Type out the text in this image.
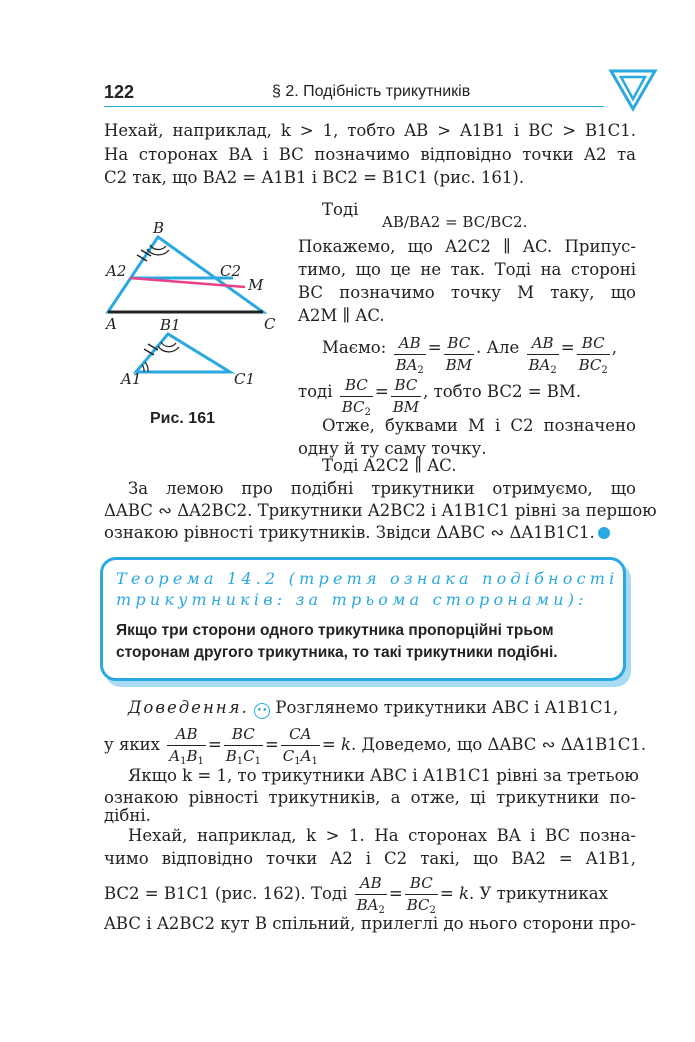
122	§ 2. Подібність трикутників
Нехай, наприклад, k > 1, тобто AB > A1B1 і BC > B1C1.
На сторонах BA і BC позначимо відповідно точки A2 та
C2 так, що BA2 = A1B1 і BC2 = B1C1 (рис. 161).
B
A2	C2
M
A	C
B1
A1	C1
Рис. 161
Тоді
AB/BA2 = BC/BC2.
Покажемо, що A2C2 ∥ AC. Припус-
тимо, що це не так. Тоді на стороні
BC позначимо точку M таку, що
A2M ∥ AC.
Маємо: $\frac{AB}{BA_2} = \frac{BC}{BM}$ . Але $\frac{AB}{BA_2} = \frac{BC}{BC_2}$ ,
тоді $\frac{BC}{BC_2} = \frac{BC}{BM}$ , тобто BC2 = BM.
Отже, буквами M і C2 позначено
одну й ту саму точку.
Тоді A2C2 ∥ AC.
За лемою про подібні трикутники отримуємо, що
ΔABC ∾ ΔA2BC2. Трикутники A2BC2 і A1B1C1 рівні за першою
ознакою рівності трикутників. Звідси ΔABC ∾ ΔA1B1C1.
Теорема 14.2 (третя ознака подібності
трикутників: за трьома сторонами):
Якщо три сторони одного трикутника пропорційні трьом
сторонам другого трикутника, то такі трикутники подібні.
Доведення. •• Розглянемо трикутники ABC і A1B1C1,
у яких $\frac{AB}{A_1B_1} = \frac{BC}{B_1C_1} = \frac{CA}{C_1A_1} = k$. Доведемо, що ΔABC ∾ ΔA1B1C1.
Якщо k = 1, то трикутники ABC і A1B1C1 рівні за третьою
ознакою рівності трикутників, а отже, ці трикутники по-
дібні.
Нехай, наприклад, k > 1. На сторонах BA і BC позна-
чимо відповідно точки A2 і C2 такі, що BA2 = A1B1,
BC2 = B1C1 (рис. 162). Тоді $\frac{AB}{BA_2} = \frac{BC}{BC_2} = k$. У трикутниках
ABC і A2BC2 кут B спільний, прилеглі до нього сторони про-
